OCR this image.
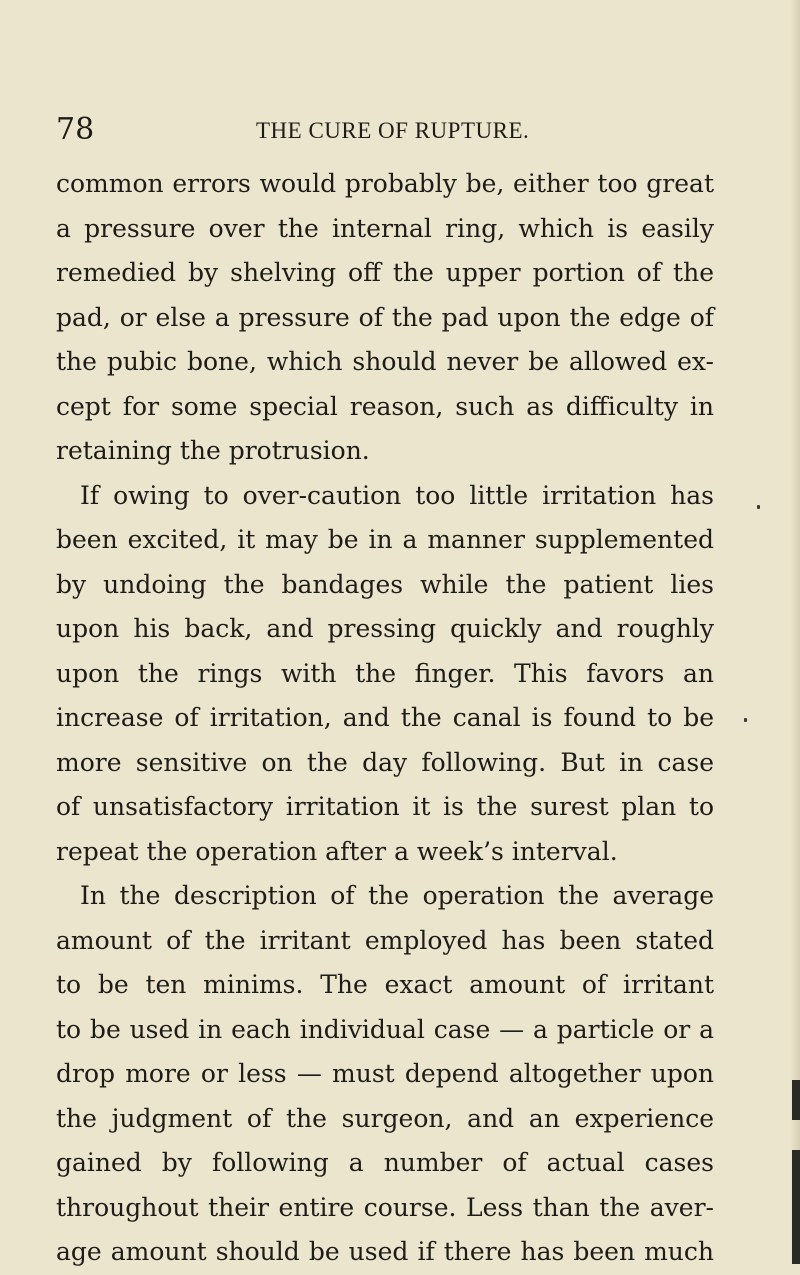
78	THE CURE OF RUPTURE.
common errors would probably be, either too great
a pressure over the internal ring, which is easily
remedied by shelving off the upper portion of the
pad, or else a pressure of the pad upon the edge of
the pubic bone, which should never be allowed ex-
cept for some special reason, such as difficulty in
retaining the protrusion.
If owing to over-caution too little irritation has
been excited, it may be in a manner supplemented
by undoing the bandages while the patient lies
upon his back, and pressing quickly and roughly
upon the rings with the finger. This favors an
increase of irritation, and the canal is found to be
more sensitive on the day following. But in case
of unsatisfactory irritation it is the surest plan to
repeat the operation after a week’s interval.
In the description of the operation the average
amount of the irritant employed has been stated
to be ten minims. The exact amount of irritant
to be used in each individual case — a particle or a
drop more or less — must depend altogether upon
the judgment of the surgeon, and an experience
gained by following a number of actual cases
throughout their entire course. Less than the aver-
age amount should be used if there has been much
